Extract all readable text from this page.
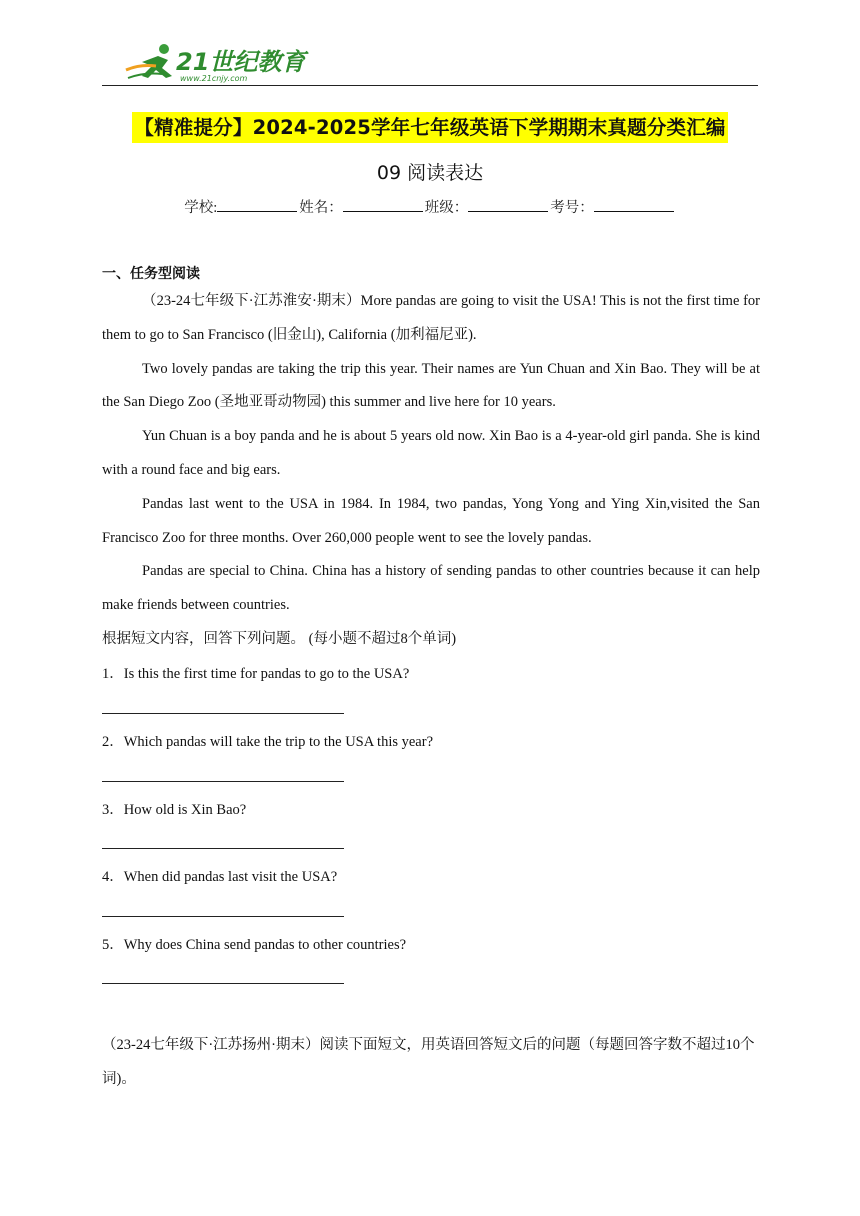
21世纪教育
www.21cnjy.com
【精准提分】2024-2025学年七年级英语下学期期末真题分类汇编
09 阅读表达
学校:	姓名：	班级：	考号：
一、任务型阅读

（23-24七年级下·江苏淮安·期末）More pandas are going to visit the USA! This is not the first time for them to go to San Francisco (旧金山), California (加利福尼亚).

Two lovely pandas are taking the trip this year. Their names are Yun Chuan and Xin Bao. They will be at the San Diego Zoo (圣地亚哥动物园) this summer and live here for 10 years.

Yun Chuan is a boy panda and he is about 5 years old now. Xin Bao is a 4-year-old girl panda. She is kind with a round face and big ears.

Pandas last went to the USA in 1984. In 1984, two pandas, Yong Yong and Ying Xin,visited the San Francisco Zoo for three months. Over 260,000 people went to see the lovely pandas.

Pandas are special to China. China has a history of sending pandas to other countries because it can help make friends between countries.

根据短文内容，回答下列问题。 (每小题不超过8个单词)

1．Is this the first time for pandas to go to the USA?

2．Which pandas will take the trip to the USA this year?

3．How old is Xin Bao?

4．When did pandas last visit the USA?

5．Why does China send pandas to other countries?

（23-24七年级下·江苏扬州·期末）阅读下面短文，用英语回答短文后的问题（每题回答字数不超过10个词)。
